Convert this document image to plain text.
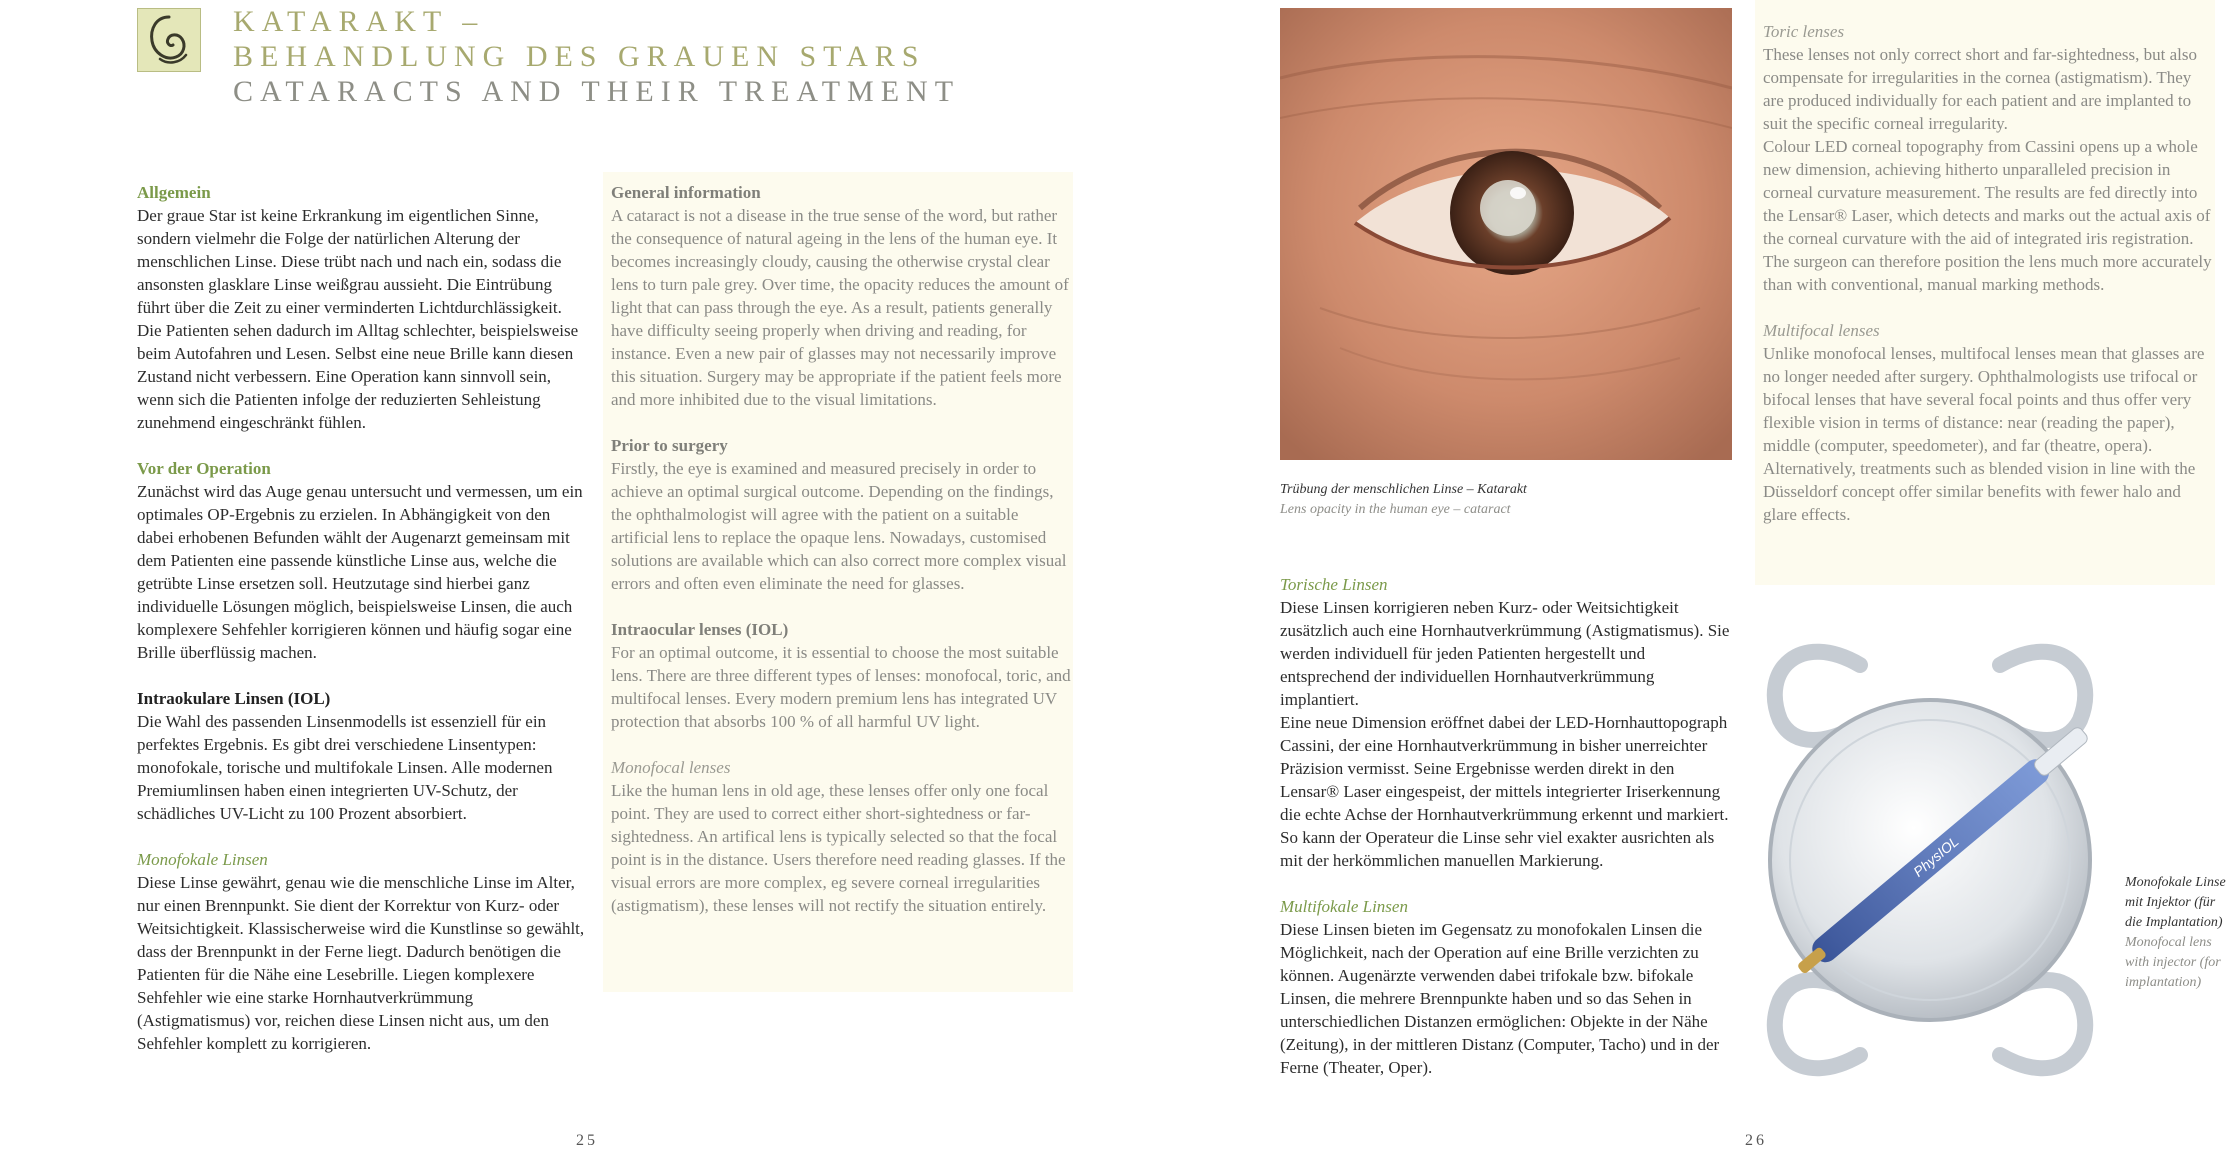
KATARAKT –
BEHANDLUNG DES GRAUEN STARS
CATARACTS AND THEIR TREATMENT

Allgemein

Der graue Star ist keine Erkrankung im eigentlichen Sinne, sondern vielmehr die Folge der natürlichen Alterung der menschlichen Linse. Diese trübt nach und nach ein, sodass die ansonsten glasklare Linse weißgrau aussieht. Die Eintrübung führt über die Zeit zu einer verminderten Lichtdurchlässigkeit. Die Patienten sehen dadurch im Alltag schlechter, beispielsweise beim Autofahren und Lesen. Selbst eine neue Brille kann diesen Zustand nicht verbessern. Eine Operation kann sinnvoll sein, wenn sich die Patienten infolge der reduzierten Sehleistung zunehmend eingeschränkt fühlen.

Vor der Operation

Zunächst wird das Auge genau untersucht und vermessen, um ein optimales OP-Ergebnis zu erzielen. In Abhängigkeit von den dabei erhobenen Befunden wählt der Augenarzt gemeinsam mit dem Patienten eine passende künstliche Linse aus, welche die getrübte Linse ersetzen soll. Heutzutage sind hierbei ganz individuelle Lösungen möglich, beispielsweise Linsen, die auch komplexere Sehfehler korrigieren können und häufig sogar eine Brille überflüssig machen.

Intraokulare Linsen (IOL)

Die Wahl des passenden Linsenmodells ist essenziell für ein perfektes Ergebnis. Es gibt drei verschiedene Linsentypen: monofokale, torische und multifokale Linsen. Alle modernen Premiumlinsen haben einen integrierten UV-Schutz, der schädliches UV-Licht zu 100 Prozent absorbiert.

Monofokale Linsen

Diese Linse gewährt, genau wie die menschliche Linse im Alter, nur einen Brennpunkt. Sie dient der Korrektur von Kurz- oder Weitsichtigkeit. Klassischerweise wird die Kunstlinse so gewählt, dass der Brennpunkt in der Ferne liegt. Dadurch benötigen die Patienten für die Nähe eine Lesebrille. Liegen komplexere Sehfehler wie eine starke Hornhautverkrümmung (Astigmatismus) vor, reichen diese Linsen nicht aus, um den Sehfehler komplett zu korrigieren.

General information

A cataract is not a disease in the true sense of the word, but rather the consequence of natural ageing in the lens of the human eye. It becomes increasingly cloudy, causing the otherwise crystal clear lens to turn pale grey. Over time, the opacity reduces the amount of light that can pass through the eye. As a result, patients generally have difficulty seeing properly when driving and reading, for instance. Even a new pair of glasses may not necessarily improve this situation. Surgery may be appropriate if the patient feels more and more inhibited due to the visual limitations.

Prior to surgery

Firstly, the eye is examined and measured precisely in order to achieve an optimal surgical outcome. Depending on the findings, the ophthalmologist will agree with the patient on a suitable artificial lens to replace the opaque lens. Nowadays, customised solutions are available which can also correct more complex visual errors and often even eliminate the need for glasses.

Intraocular lenses (IOL)

For an optimal outcome, it is essential to choose the most suitable lens. There are three different types of lenses: monofocal, toric, and multifocal lenses. Every modern premium lens has integrated UV protection that absorbs 100 % of all harmful UV light.

Monofocal lenses

Like the human lens in old age, these lenses offer only one focal point. They are used to correct either short-sightedness or far-sightedness. An artifical lens is typically selected so that the focal point is in the distance. Users therefore need reading glasses. If the visual errors are more complex, eg severe corneal irregularities (astigmatism), these lenses will not rectify the situation entirely.

Trübung der menschlichen Linse – Katarakt
Lens opacity in the human eye – cataract

Toric lenses

These lenses not only correct short and far-sightedness, but also compensate for irregularities in the cornea (astigmatism). They are produced individually for each patient and are implanted to suit the specific corneal irregularity.

Colour LED corneal topography from Cassini opens up a whole new dimension, achieving hitherto unparalleled precision in corneal curvature measurement. The results are fed directly into the Lensar® Laser, which detects and marks out the actual axis of the corneal curvature with the aid of integrated iris registration. The surgeon can therefore position the lens much more accurately than with conventional, manual marking methods.

Multifocal lenses

Unlike monofocal lenses, multifocal lenses mean that glasses are no longer needed after surgery. Ophthalmologists use trifocal or bifocal lenses that have several focal points and thus offer very flexible vision in terms of distance: near (reading the paper), middle (computer, speedometer), and far (theatre, opera).

Alternatively, treatments such as blended vision in line with the Düsseldorf concept offer similar benefits with fewer halo and glare effects.

Torische Linsen

Diese Linsen korrigieren neben Kurz- oder Weitsichtigkeit zusätzlich auch eine Hornhautverkrümmung (Astigmatismus). Sie werden individuell für jeden Patienten hergestellt und entsprechend der individuellen Hornhautverkrümmung implantiert.

Eine neue Dimension eröffnet dabei der LED-Hornhauttopograph Cassini, der eine Hornhautverkrümmung in bisher unerreichter Präzision vermisst. Seine Ergebnisse werden direkt in den Lensar® Laser eingespeist, der mittels integrierter Iriserkennung die echte Achse der Hornhautverkrümmung erkennt und markiert. So kann der Operateur die Linse sehr viel exakter ausrichten als mit der herkömmlichen manuellen Markierung.

Multifokale Linsen

Diese Linsen bieten im Gegensatz zu monofokalen Linsen die Möglichkeit, nach der Operation auf eine Brille verzichten zu können. Augenärzte verwenden dabei trifokale bzw. bifokale Linsen, die mehrere Brennpunkte haben und so das Sehen in unterschiedlichen Distanzen ermöglichen: Objekte in der Nähe (Zeitung), in der mittleren Distanz (Computer, Tacho) und in der Ferne (Theater, Oper).

PhysIOL
Monofokale Linse mit Injektor (für die Implantation)
Monofocal lens with injector (for implantation)
25	26
